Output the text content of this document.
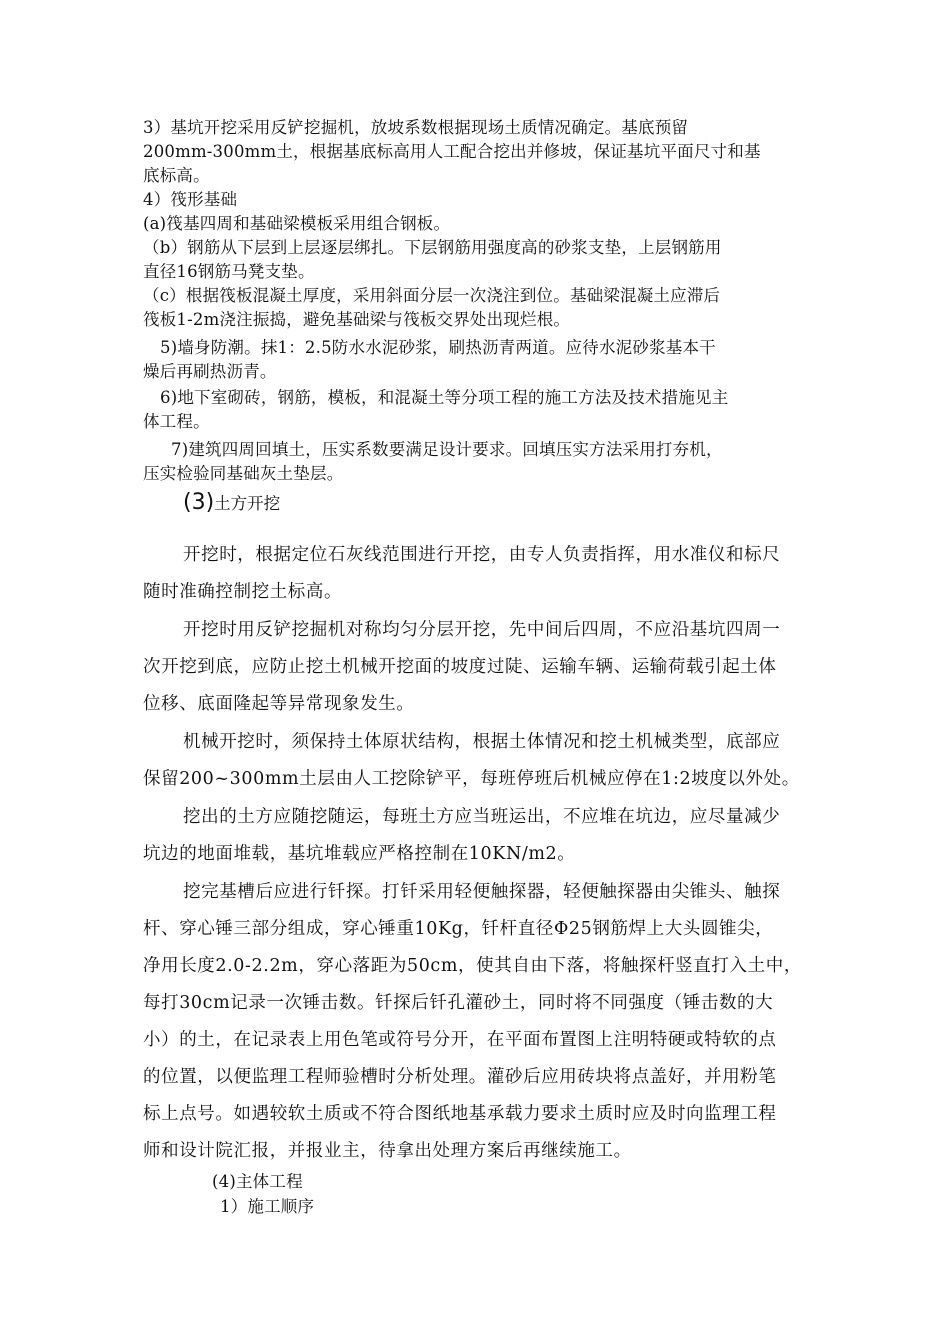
3）基坑开挖采用反铲挖掘机，放坡系数根据现场土质情况确定。基底预留
200mm-300mm土，根据基底标高用人工配合挖出并修坡，保证基坑平面尺寸和基
底标高。
4）筏形基础
(a)筏基四周和基础梁模板采用组合钢板。
（b）钢筋从下层到上层逐层绑扎。下层钢筋用强度高的砂浆支垫，上层钢筋用
直径16钢筋马凳支垫。
（c）根据筏板混凝土厚度，采用斜面分层一次浇注到位。基础梁混凝土应滞后
筏板1-2m浇注振捣，避免基础梁与筏板交界处出现烂根。
5)墙身防潮。抹1：2.5防水水泥砂浆，刷热沥青两道。应待水泥砂浆基本干
燥后再刷热沥青。
6)地下室砌砖，钢筋，模板，和混凝土等分项工程的施工方法及技术措施见主
体工程。
7)建筑四周回填土，压实系数要满足设计要求。回填压实方法采用打夯机，
压实检验同基础灰土垫层。
(3)土方开挖
开挖时，根据定位石灰线范围进行开挖，由专人负责指挥，用水准仪和标尺
随时准确控制挖土标高。
开挖时用反铲挖掘机对称均匀分层开挖，先中间后四周，不应沿基坑四周一
次开挖到底，应防止挖土机械开挖面的坡度过陡、运输车辆、运输荷载引起土体
位移、底面隆起等异常现象发生。
机械开挖时，须保持土体原状结构，根据土体情况和挖土机械类型，底部应
保留200~300mm土层由人工挖除铲平，每班停班后机械应停在1:2坡度以外处。
挖出的土方应随挖随运，每班土方应当班运出，不应堆在坑边，应尽量减少
坑边的地面堆载，基坑堆载应严格控制在10KN/m2。
挖完基槽后应进行钎探。打钎采用轻便触探器，轻便触探器由尖锥头、触探
杆、穿心锤三部分组成，穿心锤重10Kg，钎杆直径Φ25钢筋焊上大头圆锥尖，
净用长度2.0-2.2m，穿心落距为50cm，使其自由下落，将触探杆竖直打入土中，
每打30cm记录一次锤击数。钎探后钎孔灌砂土，同时将不同强度（锤击数的大
小）的土，在记录表上用色笔或符号分开，在平面布置图上注明特硬或特软的点
的位置，以便监理工程师验槽时分析处理。灌砂后应用砖块将点盖好，并用粉笔
标上点号。如遇较软土质或不符合图纸地基承载力要求土质时应及时向监理工程
师和设计院汇报，并报业主，待拿出处理方案后再继续施工。
(4)主体工程
1）施工顺序
